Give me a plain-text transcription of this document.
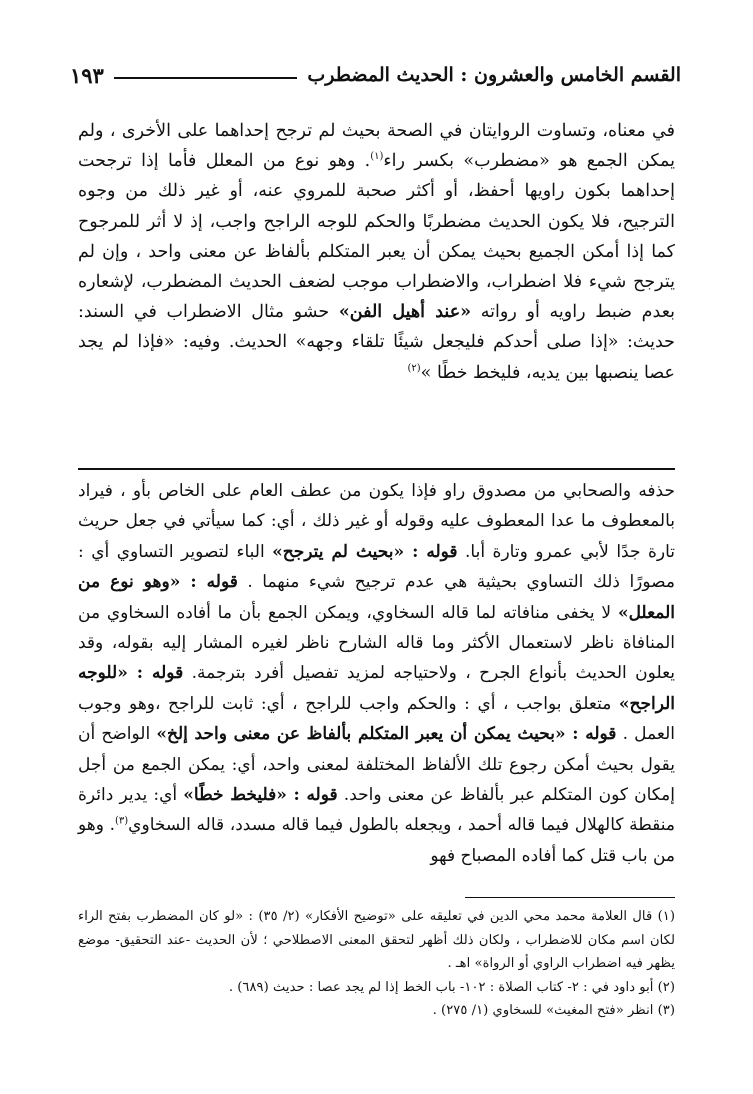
القسم الخامس والعشرون : الحديث المضطرب
١٩٣

في معناه، وتساوت الروايتان في الصحة بحيث لم ترجح إحداهما على الأخرى ، ولم يمكن الجمع هو «مضطرب» بكسر راء$^{(١)}$. وهو نوع من المعلل فأما إذا ترجحت إحداهما بكون راويها أحفظ، أو أكثر صحبة للمروي عنه، أو غير ذلك من وجوه الترجيح، فلا يكون الحديث مضطربًا والحكم للوجه الراجح واجب، إذ لا أثر للمرجوح كما إذا أمكن الجميع بحيث يمكن أن يعبر المتكلم بألفاظ عن معنى واحد ، وإن لم يترجح شيء فلا اضطراب، والاضطراب موجب لضعف الحديث المضطرب، لإشعاره بعدم ضبط راويه أو رواته «عند أهيل الفن» حشو مثال الاضطراب في السند: حديث: «إذا صلى أحدكم فليجعل شيئًا تلقاء وجهه» الحديث. وفيه: «فإذا لم يجد عصا ينصبها بين يديه، فليخط خطًا »$^{(٢)}$

حذفه والصحابي من مصدوق راو فإذا يكون من عطف العام على الخاص بأو ، فيراد بالمعطوف ما عدا المعطوف عليه وقوله أو غير ذلك ، أي: كما سيأتي في جعل حريث تارة جدًا لأبي عمرو وتارة أبا. قوله : «بحيث لم يترجح» الباء لتصوير التساوي أي : مصورًا ذلك التساوي بحيثية هي عدم ترجيح شيء منهما . قوله : «وهو نوع من المعلل» لا يخفى منافاته لما قاله السخاوي، ويمكن الجمع بأن ما أفاده السخاوي من المنافاة ناظر لاستعمال الأكثر وما قاله الشارح ناظر لغيره المشار إليه بقوله، وقد يعلون الحديث بأنواع الجرح ، ولاحتياجه لمزيد تفصيل أفرد بترجمة. قوله : «للوجه الراجح» متعلق بواجب ، أي : والحكم واجب للراجح ، أي: ثابت للراجح ،وهو وجوب العمل . قوله : «بحيث يمكن أن يعبر المتكلم بألفاظ عن معنى واحد إلخ» الواضح أن يقول بحيث أمكن رجوع تلك الألفاظ المختلفة لمعنى واحد، أي: يمكن الجمع من أجل إمكان كون المتكلم عبر بألفاظ عن معنى واحد. قوله : «فليخط خطًا» أي: يدير دائرة منقطة كالهلال فيما قاله أحمد ، ويجعله بالطول فيما قاله مسدد، قاله السخاوي$^{(٣)}$. وهو من باب قتل كما أفاده المصباح فهو

(١) قال العلامة محمد محي الدين في تعليقه على «توضيح الأفكار» (٢/ ٣٥) : «لو كان المضطرب بفتح الراء لكان اسم مكان للاضطراب ، ولكان ذلك أظهر لتحقق المعنى الاصطلاحي ؛ لأن الحديث -عند التحقيق- موضع يظهر فيه اضطراب الراوي أو الرواة» اهـ .

(٢) أبو داود في : ٢- كتاب الصلاة : ١٠٢- باب الخط إذا لم يجد عصا : حديث (٦٨٩) .

(٣) انظر «فتح المغيث» للسخاوي (١/ ٢٧٥) .
